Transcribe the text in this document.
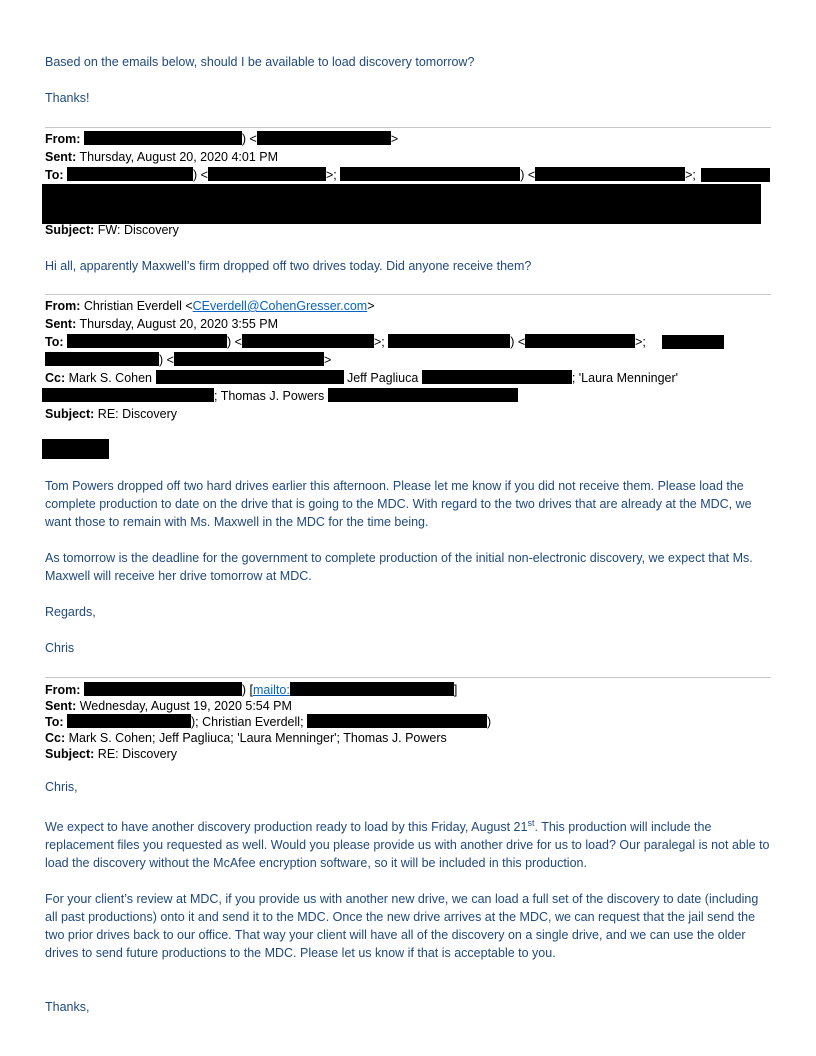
Based on the emails below, should I be available to load discovery tomorrow?

Thanks!

From:	) <	>
Sent: Thursday, August 20, 2020 4:01 PM
To:	) <	>;	) <	>;
Subject: FW: Discovery

Hi all, apparently Maxwell’s firm dropped off two drives today. Did anyone receive them?

From: Christian Everdell <CEverdell@CohenGresser.com>
Sent: Thursday, August 20, 2020 3:55 PM
To:	) <	>;	) <	>;
) <	>
Cc: Mark S. Cohen	Jeff Pagliuca	; 'Laura Menninger'
; Thomas J. Powers
Subject: RE: Discovery

Tom Powers dropped off two hard drives earlier this afternoon. Please let me know if you did not receive them. Please load the complete production to date on the drive that is going to the MDC. With regard to the two drives that are already at the MDC, we want those to remain with Ms. Maxwell in the MDC for the time being.

As tomorrow is the deadline for the government to complete production of the initial non-electronic discovery, we expect that Ms. Maxwell will receive her drive tomorrow at MDC.

Regards,

Chris

From:	) [mailto:	]
Sent: Wednesday, August 19, 2020 5:54 PM
To:	); Christian Everdell;	)
Cc: Mark S. Cohen; Jeff Pagliuca; 'Laura Menninger'; Thomas J. Powers
Subject: RE: Discovery

Chris,

We expect to have another discovery production ready to load by this Friday, August 21st. This production will include the replacement files you requested as well. Would you please provide us with another drive for us to load? Our paralegal is not able to load the discovery without the McAfee encryption software, so it will be included in this production.

For your client’s review at MDC, if you provide us with another new drive, we can load a full set of the discovery to date (including all past productions) onto it and send it to the MDC. Once the new drive arrives at the MDC, we can request that the jail send the two prior drives back to our office. That way your client will have all of the discovery on a single drive, and we can use the older drives to send future productions to the MDC. Please let us know if that is acceptable to you.

Thanks,
